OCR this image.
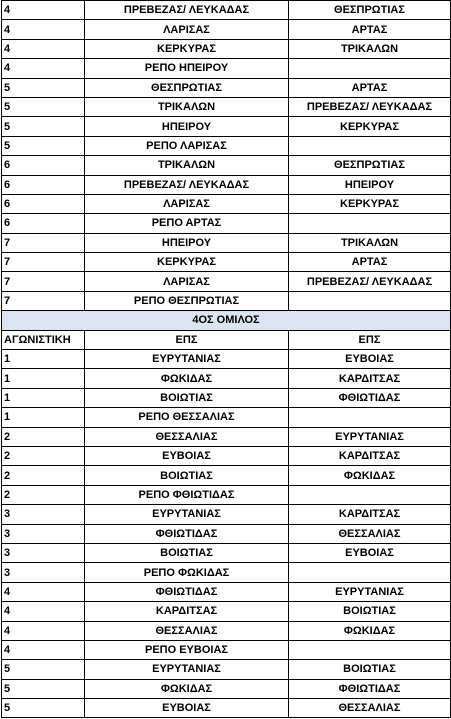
4	ΠΡΕΒΕΖΑΣ/ ΛΕΥΚΑΔΑΣ	ΘΕΣΠΡΩΤΙΑΣ
4	ΛΑΡΙΣΑΣ	ΑΡΤΑΣ
4	ΚΕΡΚΥΡΑΣ	ΤΡΙΚΑΛΩΝ
4	ΡΕΠΟ ΗΠΕΙΡΟΥ	
5	ΘΕΣΠΡΩΤΙΑΣ	ΑΡΤΑΣ
5	ΤΡΙΚΑΛΩΝ	ΠΡΕΒΕΖΑΣ/ ΛΕΥΚΑΔΑΣ
5	ΗΠΕΙΡΟΥ	ΚΕΡΚΥΡΑΣ
5	ΡΕΠΟ ΛΑΡΙΣΑΣ	
6	ΤΡΙΚΑΛΩΝ	ΘΕΣΠΡΩΤΙΑΣ
6	ΠΡΕΒΕΖΑΣ/ ΛΕΥΚΑΔΑΣ	ΗΠΕΙΡΟΥ
6	ΛΑΡΙΣΑΣ	ΚΕΡΚΥΡΑΣ
6	ΡΕΠΟ ΑΡΤΑΣ	
7	ΗΠΕΙΡΟΥ	ΤΡΙΚΑΛΩΝ
7	ΚΕΡΚΥΡΑΣ	ΑΡΤΑΣ
7	ΛΑΡΙΣΑΣ	ΠΡΕΒΕΖΑΣ/ ΛΕΥΚΑΔΑΣ
7	ΡΕΠΟ ΘΕΣΠΡΩΤΙΑΣ	
4ΟΣ ΟΜΙΛΟΣ		
ΑΓΩΝΙΣΤΙΚΗ	ΕΠΣ	ΕΠΣ
1	ΕΥΡΥΤΑΝΙΑΣ	ΕΥΒΟΙΑΣ
1	ΦΩΚΙΔΑΣ	ΚΑΡΔΙΤΣΑΣ
1	ΒΟΙΩΤΙΑΣ	ΦΘΙΩΤΙΔΑΣ
1	ΡΕΠΟ ΘΕΣΣΑΛΙΑΣ	
2	ΘΕΣΣΑΛΙΑΣ	ΕΥΡΥΤΑΝΙΑΣ
2	ΕΥΒΟΙΑΣ	ΚΑΡΔΙΤΣΑΣ
2	ΒΟΙΩΤΙΑΣ	ΦΩΚΙΔΑΣ
2	ΡΕΠΟ ΦΘΙΩΤΙΔΑΣ	
3	ΕΥΡΥΤΑΝΙΑΣ	ΚΑΡΔΙΤΣΑΣ
3	ΦΘΙΩΤΙΔΑΣ	ΘΕΣΣΑΛΙΑΣ
3	ΒΟΙΩΤΙΑΣ	ΕΥΒΟΙΑΣ
3	ΡΕΠΟ ΦΩΚΙΔΑΣ	
4	ΦΘΙΩΤΙΔΑΣ	ΕΥΡΥΤΑΝΙΑΣ
4	ΚΑΡΔΙΤΣΑΣ	ΒΟΙΩΤΙΑΣ
4	ΘΕΣΣΑΛΙΑΣ	ΦΩΚΙΔΑΣ
4	ΡΕΠΟ ΕΥΒΟΙΑΣ	
5	ΕΥΡΥΤΑΝΙΑΣ	ΒΟΙΩΤΙΑΣ
5	ΦΩΚΙΔΑΣ	ΦΘΙΩΤΙΔΑΣ
5	ΕΥΒΟΙΑΣ	ΘΕΣΣΑΛΙΑΣ
